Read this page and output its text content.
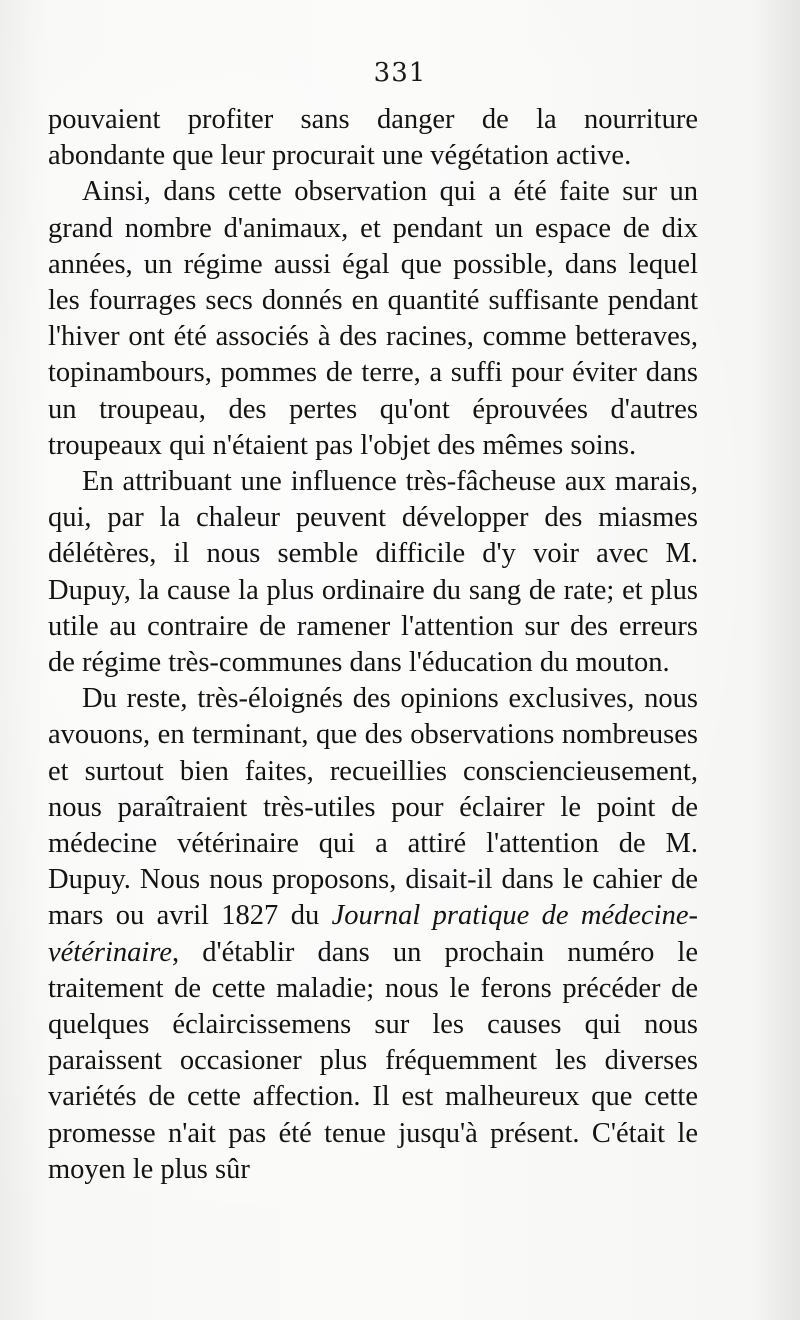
331

pouvaient profiter sans danger de la nourriture abondante que leur procurait une végétation active.

Ainsi, dans cette observation qui a été faite sur un grand nombre d'animaux, et pendant un espace de dix années, un régime aussi égal que possible, dans lequel les fourrages secs donnés en quantité suffisante pendant l'hiver ont été associés à des racines, comme betteraves, topinambours, pommes de terre, a suffi pour éviter dans un troupeau, des pertes qu'ont éprouvées d'autres troupeaux qui n'étaient pas l'objet des mêmes soins.

En attribuant une influence très-fâcheuse aux marais, qui, par la chaleur peuvent développer des miasmes délétères, il nous semble difficile d'y voir avec M. Dupuy, la cause la plus ordinaire du sang de rate; et plus utile au contraire de ramener l'attention sur des erreurs de régime très-communes dans l'éducation du mouton.

Du reste, très-éloignés des opinions exclusives, nous avouons, en terminant, que des observations nombreuses et surtout bien faites, recueillies consciencieusement, nous paraîtraient très-utiles pour éclairer le point de médecine vétérinaire qui a attiré l'attention de M. Dupuy. Nous nous proposons, disait-il dans le cahier de mars ou avril 1827 du Journal pratique de médecine-vétérinaire, d'établir dans un prochain numéro le traitement de cette maladie; nous le ferons précéder de quelques éclaircissemens sur les causes qui nous paraissent occasioner plus fréquemment les diverses variétés de cette affection. Il est malheureux que cette promesse n'ait pas été tenue jusqu'à présent. C'était le moyen le plus sûr
